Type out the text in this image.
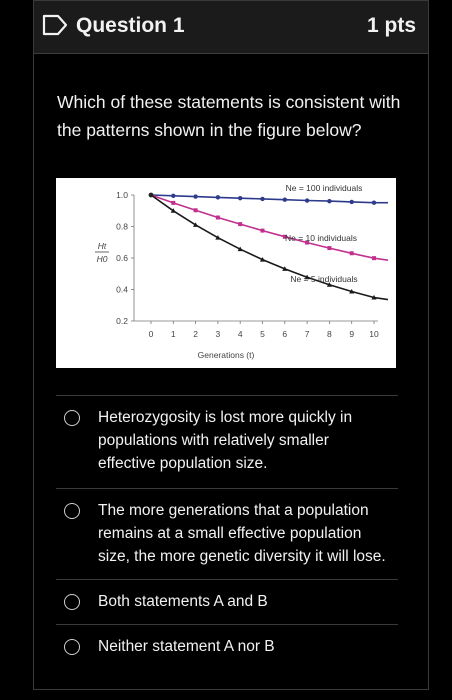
Question 1	1 pts
Which of these statements is consistent with the patterns shown in the figure below?
0.2
0.4
0.6
0.8
1.0
0 1 2 3 4 5 6 7 8 9 10
Generations (t)
Ht
H0
Ne = 100 individuals
Ne = 10 individuals
Ne = 5 individuals
Heterozygosity is lost more quickly in populations with relatively smaller effective population size.
The more generations that a population remains at a small effective population size, the more genetic diversity it will lose.
Both statements A and B
Neither statement A nor B
